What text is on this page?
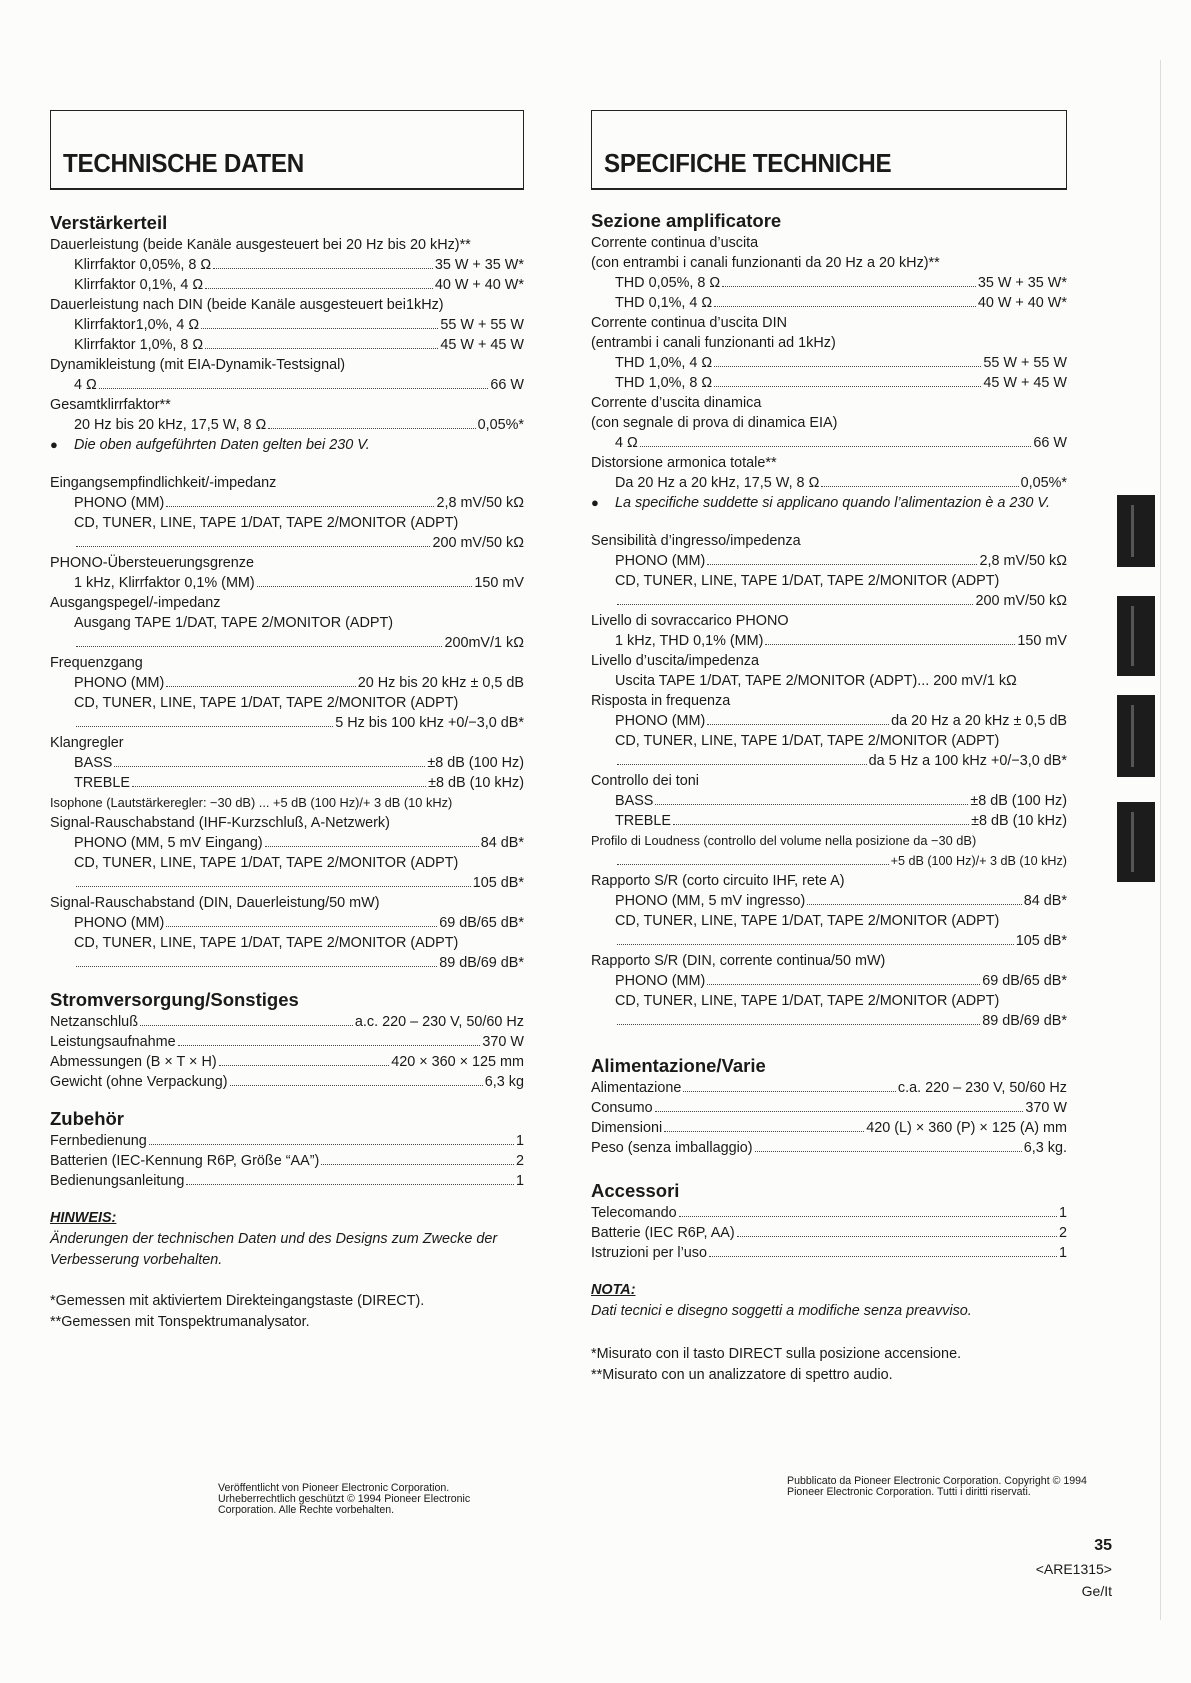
TECHNISCHE DATEN
Verstärkerteil
Dauerleistung (beide Kanäle ausgesteuert bei 20 Hz bis 20 kHz)**
Klirrfaktor 0,05%, 8 Ω	35 W + 35 W*
Klirrfaktor 0,1%, 4 Ω	40 W + 40 W*
Dauerleistung nach DIN (beide Kanäle ausgesteuert bei1kHz)
Klirrfaktor1,0%, 4 Ω	55 W + 55 W
Klirrfaktor 1,0%, 8 Ω	45 W + 45 W
Dynamikleistung (mit EIA-Dynamik-Testsignal)
4 Ω	66 W
Gesamtklirrfaktor**
20 Hz bis 20 kHz, 17,5 W, 8 Ω	0,05%*
●	Die oben aufgeführten Daten gelten bei 230 V.
Eingangsempfindlichkeit/-impedanz
PHONO (MM)	2,8 mV/50 kΩ
CD, TUNER, LINE, TAPE 1/DAT, TAPE 2/MONITOR (ADPT)
200 mV/50 kΩ
PHONO-Übersteuerungsgrenze
1 kHz, Klirrfaktor 0,1% (MM)	150 mV
Ausgangspegel/-impedanz
Ausgang TAPE 1/DAT, TAPE 2/MONITOR (ADPT)
200mV/1 kΩ
Frequenzgang
PHONO (MM)	20 Hz bis 20 kHz ± 0,5 dB
CD, TUNER, LINE, TAPE 1/DAT, TAPE 2/MONITOR (ADPT)
5 Hz bis 100 kHz +0/−3,0 dB*
Klangregler
BASS	±8 dB (100 Hz)
TREBLE	±8 dB (10 kHz)
Isophone (Lautstärkeregler: −30 dB) ... +5 dB (100 Hz)/+ 3 dB (10 kHz)
Signal-Rauschabstand (IHF-Kurzschluß, A-Netzwerk)
PHONO (MM, 5 mV Eingang)	84 dB*
CD, TUNER, LINE, TAPE 1/DAT, TAPE 2/MONITOR (ADPT)
105 dB*
Signal-Rauschabstand (DIN, Dauerleistung/50 mW)
PHONO (MM)	69 dB/65 dB*
CD, TUNER, LINE, TAPE 1/DAT, TAPE 2/MONITOR (ADPT)
89 dB/69 dB*
Stromversorgung/Sonstiges
Netzanschluß	a.c. 220 – 230 V, 50/60 Hz
Leistungsaufnahme	370 W
Abmessungen (B × T × H)	420 × 360 × 125 mm
Gewicht (ohne Verpackung)	6,3 kg
Zubehör
Fernbedienung	1
Batterien (IEC-Kennung R6P, Größe “AA”)	2
Bedienungsanleitung	1
HINWEIS:
Änderungen der technischen Daten und des Designs zum Zwecke der Verbesserung vorbehalten.
*Gemessen mit aktiviertem Direkteingangstaste (DIRECT).
**Gemessen mit Tonspektrumanalysator.
SPECIFICHE TECHNICHE
Sezione amplificatore
Corrente continua d’uscita
(con entrambi i canali funzionanti da 20 Hz a 20 kHz)**
THD 0,05%, 8 Ω	35 W + 35 W*
THD 0,1%, 4 Ω	40 W + 40 W*
Corrente continua d’uscita DIN
(entrambi i canali funzionanti ad 1kHz)
THD 1,0%, 4 Ω	55 W + 55 W
THD 1,0%, 8 Ω	45 W + 45 W
Corrente d’uscita dinamica
(con segnale di prova di dinamica EIA)
4 Ω	66 W
Distorsione armonica totale**
Da 20 Hz a 20 kHz, 17,5 W, 8 Ω	0,05%*
●	La specifiche suddette si applicano quando l’alimentazion è a 230 V.
Sensibilità d’ingresso/impedenza
PHONO (MM)	2,8 mV/50 kΩ
CD, TUNER, LINE, TAPE 1/DAT, TAPE 2/MONITOR (ADPT)
200 mV/50 kΩ
Livello di sovraccarico PHONO
1 kHz, THD 0,1% (MM)	150 mV
Livello d’uscita/impedenza
Uscita TAPE 1/DAT, TAPE 2/MONITOR (ADPT)... 200 mV/1 kΩ
Risposta in frequenza
PHONO (MM)	da 20 Hz a 20 kHz ± 0,5 dB
CD, TUNER, LINE, TAPE 1/DAT, TAPE 2/MONITOR (ADPT)
da 5 Hz a 100 kHz +0/−3,0 dB*
Controllo dei toni
BASS	±8 dB (100 Hz)
TREBLE	±8 dB (10 kHz)
Profilo di Loudness (controllo del volume nella posizione da −30 dB)
+5 dB (100 Hz)/+ 3 dB (10 kHz)
Rapporto S/R (corto circuito IHF, rete A)
PHONO (MM, 5 mV ingresso)	84 dB*
CD, TUNER, LINE, TAPE 1/DAT, TAPE 2/MONITOR (ADPT)
105 dB*
Rapporto S/R (DIN, corrente continua/50 mW)
PHONO (MM)	69 dB/65 dB*
CD, TUNER, LINE, TAPE 1/DAT, TAPE 2/MONITOR (ADPT)
89 dB/69 dB*
Alimentazione/Varie
Alimentazione	c.a. 220 – 230 V, 50/60 Hz
Consumo	370 W
Dimensioni	420 (L) × 360 (P) × 125 (A) mm
Peso (senza imballaggio)	6,3 kg.
Accessori
Telecomando	1
Batterie (IEC R6P, AA)	2
Istruzioni per l’uso	1
NOTA:
Dati tecnici e disegno soggetti a modifiche senza preavviso.
*Misurato con il tasto DIRECT sulla posizione accensione.
**Misurato con un analizzatore di spettro audio.
Veröffentlicht von Pioneer Electronic Corporation. Urheberrechtlich geschützt © 1994 Pioneer Electronic Corporation. Alle Rechte vorbehalten.
Pubblicato da Pioneer Electronic Corporation. Copyright © 1994 Pioneer Electronic Corporation. Tutti i diritti riservati.
35
<ARE1315>
Ge/It
